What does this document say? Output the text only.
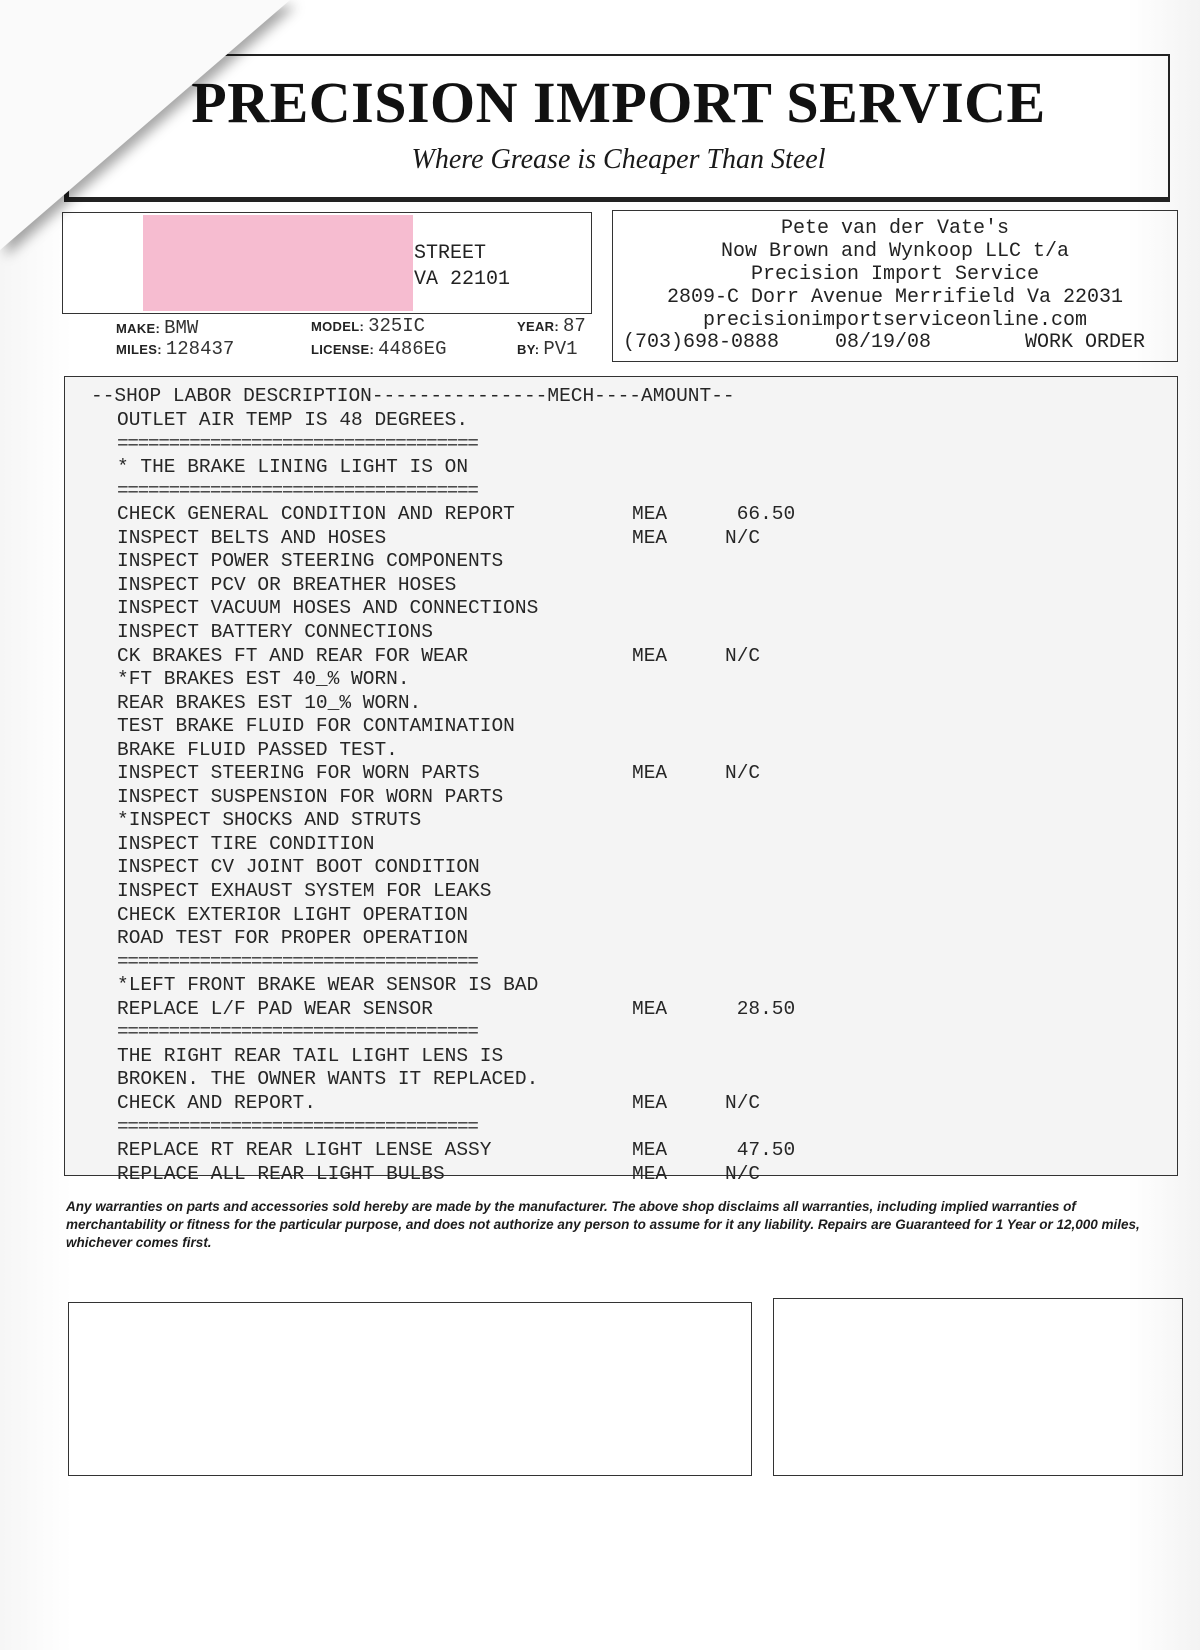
PRECISION IMPORT SERVICE
Where Grease is Cheaper Than Steel
STREET
VA 22101
MAKE: BMW	MODEL: 325IC	YEAR: 87
MILES: 128437	LICENSE: 4486EG	BY: PV1
Pete van der Vate's
Now Brown and Wynkoop LLC t/a
Precision Import Service
2809-C Dorr Avenue Merrifield Va 22031
precisionimportserviceonline.com
(703)698-0888	08/19/08	WORK ORDER
--SHOP LABOR DESCRIPTION---------------MECH----AMOUNT--
OUTLET AIR TEMP IS 48 DEGREES.
===================================
* THE BRAKE LINING LIGHT IS ON
===================================
CHECK GENERAL CONDITION AND REPORT	MEA	66.50
INSPECT BELTS AND HOSES	MEA	N/C
INSPECT POWER STEERING COMPONENTS
INSPECT PCV OR BREATHER HOSES
INSPECT VACUUM HOSES AND CONNECTIONS
INSPECT BATTERY CONNECTIONS
CK BRAKES FT AND REAR FOR WEAR	MEA	N/C
*FT BRAKES EST 40_% WORN.
REAR BRAKES EST 10_% WORN.
TEST BRAKE FLUID FOR CONTAMINATION
BRAKE FLUID PASSED TEST.
INSPECT STEERING FOR WORN PARTS	MEA	N/C
INSPECT SUSPENSION FOR WORN PARTS
*INSPECT SHOCKS AND STRUTS
INSPECT TIRE CONDITION
INSPECT CV JOINT BOOT CONDITION
INSPECT EXHAUST SYSTEM FOR LEAKS
CHECK EXTERIOR LIGHT OPERATION
ROAD TEST FOR PROPER OPERATION
===================================
*LEFT FRONT BRAKE WEAR SENSOR IS BAD
REPLACE L/F PAD WEAR SENSOR	MEA	28.50
===================================
THE RIGHT REAR TAIL LIGHT LENS IS
BROKEN. THE OWNER WANTS IT REPLACED.
CHECK AND REPORT.	MEA	N/C
===================================
REPLACE RT REAR LIGHT LENSE ASSY	MEA	47.50
REPLACE ALL REAR LIGHT BULBS	MEA	N/C
Any warranties on parts and accessories sold hereby are made by the manufacturer. The above shop disclaims all warranties, including implied warranties of merchantability or fitness for the particular purpose, and does not authorize any person to assume for it any liability. Repairs are Guaranteed for 1 Year or 12,000 miles, whichever comes first.
